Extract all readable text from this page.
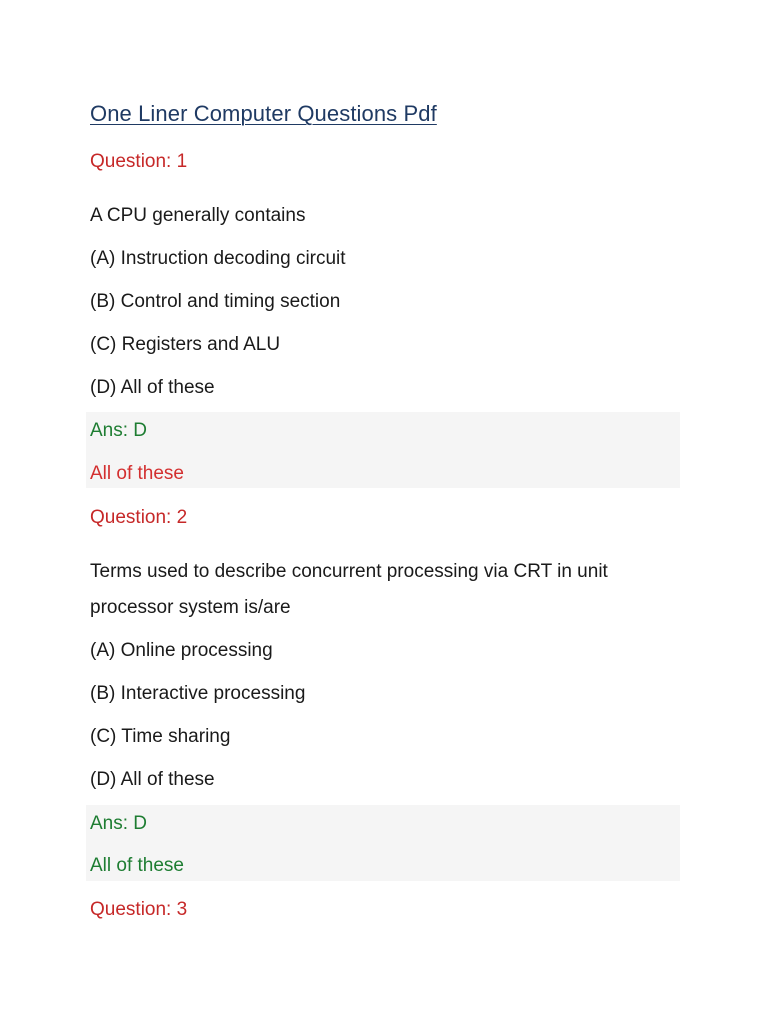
One Liner Computer Questions Pdf
Question: 1
A CPU generally contains
(A) Instruction decoding circuit
(B) Control and timing section
(C) Registers and ALU
(D) All of these
Ans: D
All of these
Question: 2
Terms used to describe concurrent processing via CRT in unit
processor system is/are
(A) Online processing
(B) Interactive processing
(C) Time sharing
(D) All of these
Ans: D
All of these
Question: 3
